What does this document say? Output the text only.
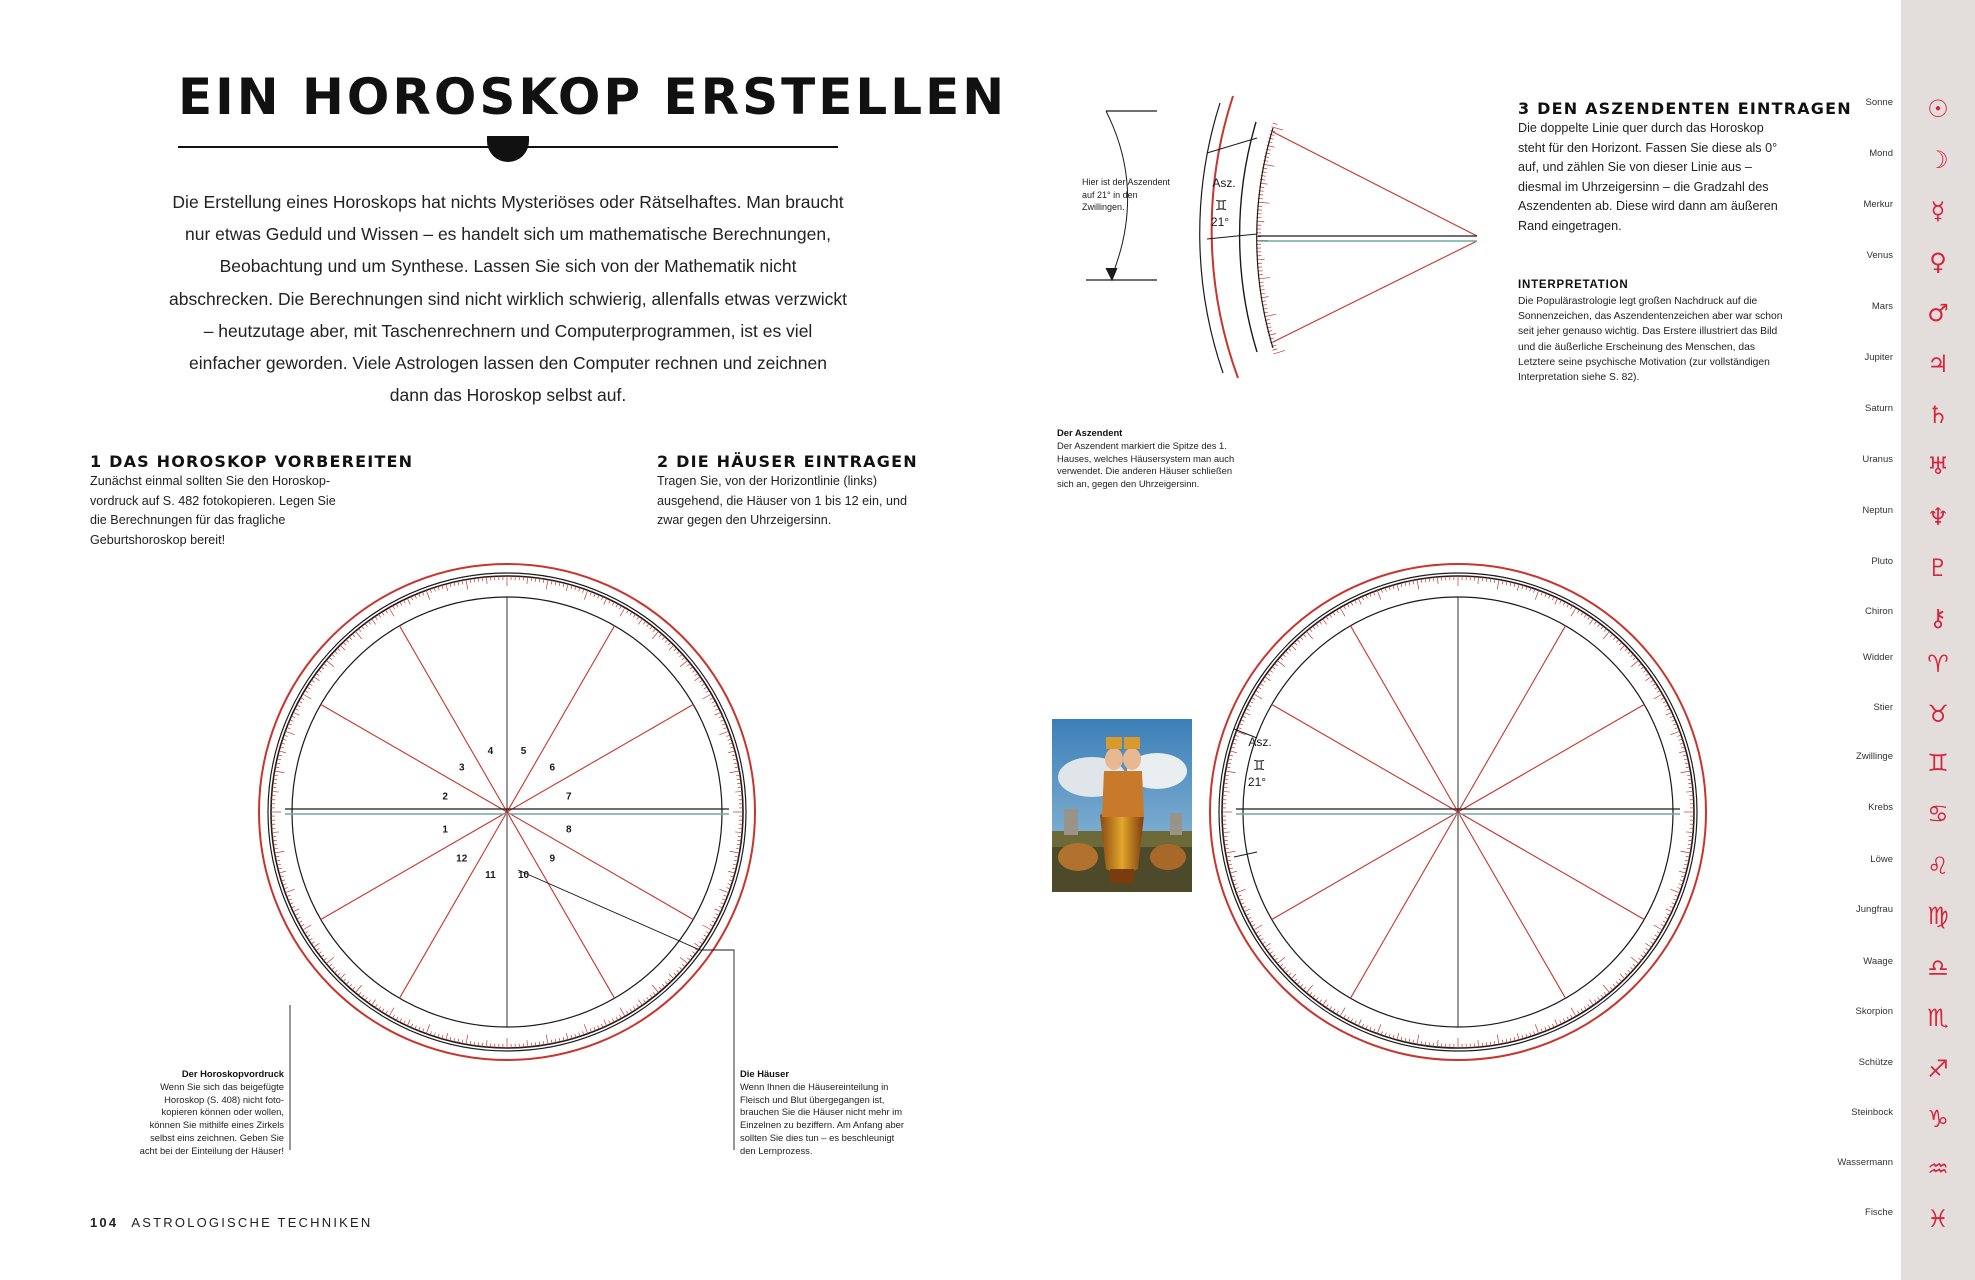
EIN HOROSKOP ERSTELLEN
Die Erstellung eines Horoskops hat nichts Mysteriöses oder Rätselhaftes. Man braucht nur etwas Geduld und Wissen – es handelt sich um mathematische Berechnungen, Beobachtung und um Synthese. Lassen Sie sich von der Mathematik nicht abschrecken. Die Berechnungen sind nicht wirklich schwierig, allenfalls etwas verzwickt – heutzutage aber, mit Taschenrechnern und Computerprogrammen, ist es viel einfacher geworden. Viele Astrologen lassen den Computer rechnen und zeichnen dann das Horoskop selbst auf.
1 DAS HOROSKOP VORBEREITEN
Zunächst einmal sollten Sie den Horoskop-vordruck auf S. 482 fotokopieren. Legen Sie die Berechnungen für das fragliche Geburtshoroskop bereit!
2 DIE HÄUSER EINTRAGEN
Tragen Sie, von der Horizontlinie (links) ausgehend, die Häuser von 1 bis 12 ein, und zwar gegen den Uhrzeigersinn.
3 DEN ASZENDENTEN EINTRAGEN
Die doppelte Linie quer durch das Horoskop steht für den Horizont. Fassen Sie diese als 0° auf, und zählen Sie von dieser Linie aus – diesmal im Uhrzeigersinn – die Gradzahl des Aszendenten ab. Diese wird dann am äußeren Rand eingetragen.
INTERPRETATION
Die Populärastrologie legt großen Nachdruck auf die Sonnenzeichen, das Aszendentenzeichen aber war schon seit jeher genauso wichtig. Das Erstere illustriert das Bild und die äußerliche Erscheinung des Menschen, das Letztere seine psychische Motivation (zur vollständigen Interpretation siehe S. 82).
Der Aszendent
Der Aszendent markiert die Spitze des 1. Hauses, welches Häusersystem man auch verwendet. Die anderen Häuser schließen sich an, gegen den Uhrzeigersinn.
Der Horoskopvordruck
Wenn Sie sich das beigefügte Horoskop (S. 408) nicht foto-kopieren können oder wollen, können Sie mithilfe eines Zirkels selbst eins zeichnen. Geben Sie acht bei der Einteilung der Häuser!
Die Häuser
Wenn Ihnen die Häusereinteilung in Fleisch und Blut übergegangen ist, brauchen Sie die Häuser nicht mehr im Einzelnen zu beziffern. Am Anfang aber sollten Sie dies tun – es beschleunigt den Lernprozess.
Hier ist der Aszendent auf 21° in den Zwillingen.
1
2
3
4	5
6
7
8
9
10
11
12
Asz.
♊
21°
Asz.
♊
21°
104 ASTROLOGISCHE TECHNIKEN
Sonne	☉
Mond	☽
Merkur	☿
Venus	♀
Mars	♂
Jupiter	♃
Saturn	♄
Uranus	♅
Neptun	♆
Pluto	♇
Chiron	⚷
Widder	♈
Stier	♉
Zwillinge	♊
Krebs	♋
Löwe	♌
Jungfrau	♍
Waage	♎
Skorpion	♏
Schütze	♐
Steinbock	♑
Wassermann	♒
Fische	♓
